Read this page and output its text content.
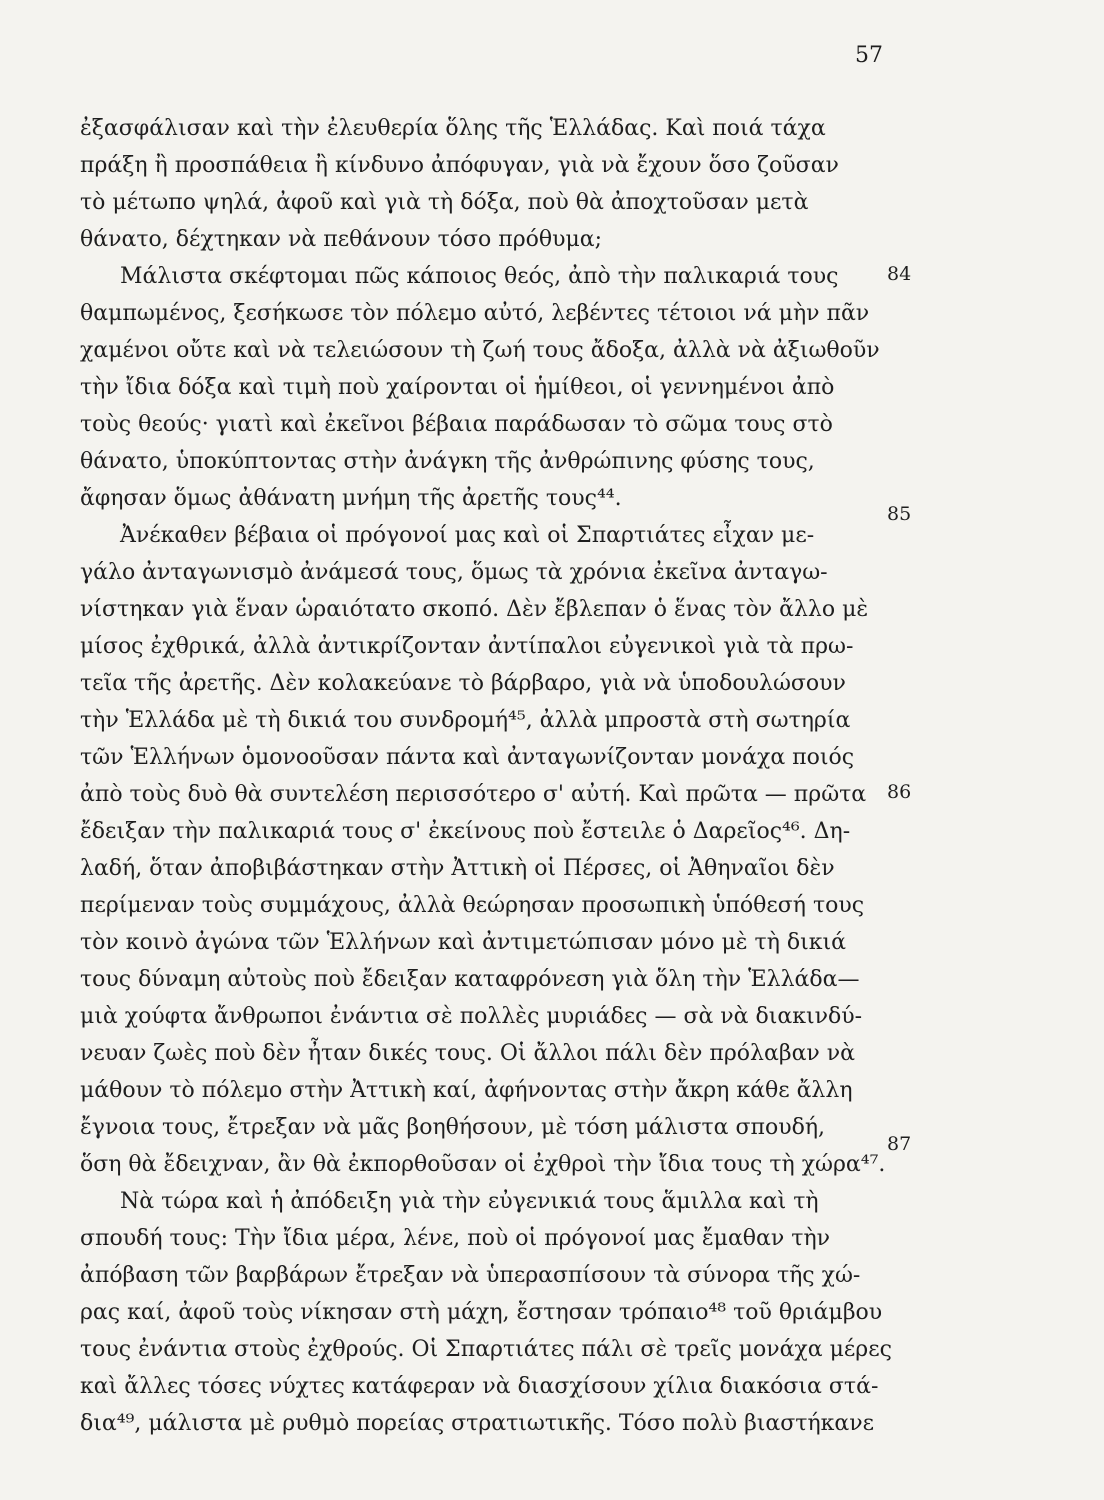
57
ἐξασφάλισαν καὶ τὴν ἐλευθερία ὅλης τῆς Ἑλλάδας. Καὶ ποιά τάχα
πράξη ἢ προσπάθεια ἢ κίνδυνο ἀπόφυγαν, γιὰ νὰ ἔχουν ὅσο ζοῦσαν
τὸ μέτωπο ψηλά, ἀφοῦ καὶ γιὰ τὴ δόξα, ποὺ θὰ ἀποχτοῦσαν μετὰ
θάνατο, δέχτηκαν νὰ πεθάνουν τόσο πρόθυμα;
Μάλιστα σκέφτομαι πῶς κάποιος θεός, ἀπὸ τὴν παλικαριά τους
θαμπωμένος, ξεσήκωσε τὸν πόλεμο αὐτό, λεβέντες τέτοιοι νά μὴν πᾶν
χαμένοι οὔτε καὶ νὰ τελειώσουν τὴ ζωή τους ἄδοξα, ἀλλὰ νὰ ἀξιωθοῦν
τὴν ἴδια δόξα καὶ τιμὴ ποὺ χαίρονται οἱ ἡμίθεοι, οἱ γεννημένοι ἀπὸ
τοὺς θεούς· γιατὶ καὶ ἐκεῖνοι βέβαια παράδωσαν τὸ σῶμα τους στὸ
θάνατο, ὑποκύπτοντας στὴν ἀνάγκη τῆς ἀνθρώπινης φύσης τους,
ἄφησαν ὅμως ἀθάνατη μνήμη τῆς ἀρετῆς τους⁴⁴.
Ἀνέκαθεν βέβαια οἱ πρόγονοί μας καὶ οἱ Σπαρτιάτες εἶχαν με-
γάλο ἀνταγωνισμὸ ἀνάμεσά τους, ὅμως τὰ χρόνια ἐκεῖνα ἀνταγω-
νίστηκαν γιὰ ἕναν ὡραιότατο σκοπό. Δὲν ἔβλεπαν ὁ ἕνας τὸν ἄλλο μὲ
μίσος ἐχθρικά, ἀλλὰ ἀντικρίζονταν ἀντίπαλοι εὐγενικοὶ γιὰ τὰ πρω-
τεῖα τῆς ἀρετῆς. Δὲν κολακεύανε τὸ βάρβαρο, γιὰ νὰ ὑποδουλώσουν
τὴν Ἑλλάδα μὲ τὴ δικιά του συνδρομή⁴⁵, ἀλλὰ μπροστὰ στὴ σωτηρία
τῶν Ἑλλήνων ὁμονοοῦσαν πάντα καὶ ἀνταγωνίζονταν μονάχα ποιός
ἀπὸ τοὺς δυὸ θὰ συντελέση περισσότερο σ' αὐτή. Καὶ πρῶτα — πρῶτα
ἔδειξαν τὴν παλικαριά τους σ' ἐκείνους ποὺ ἔστειλε ὁ Δαρεῖος⁴⁶. Δη-
λαδή, ὅταν ἀποβιβάστηκαν στὴν Ἀττικὴ οἱ Πέρσες, οἱ Ἀθηναῖοι δὲν
περίμεναν τοὺς συμμάχους, ἀλλὰ θεώρησαν προσωπικὴ ὑπόθεσή τους
τὸν κοινὸ ἀγώνα τῶν Ἑλλήνων καὶ ἀντιμετώπισαν μόνο μὲ τὴ δικιά
τους δύναμη αὐτοὺς ποὺ ἔδειξαν καταφρόνεση γιὰ ὅλη τὴν Ἑλλάδα—
μιὰ χούφτα ἄνθρωποι ἐνάντια σὲ πολλὲς μυριάδες — σὰ νὰ διακινδύ-
νευαν ζωὲς ποὺ δὲν ἦταν δικές τους. Οἱ ἄλλοι πάλι δὲν πρόλαβαν νὰ
μάθουν τὸ πόλεμο στὴν Ἀττικὴ καί, ἀφήνοντας στὴν ἄκρη κάθε ἄλλη
ἔγνοια τους, ἔτρεξαν νὰ μᾶς βοηθήσουν, μὲ τόση μάλιστα σπουδή,
ὅση θὰ ἔδειχναν, ἂν θὰ ἐκπορθοῦσαν οἱ ἐχθροὶ τὴν ἴδια τους τὴ χώρα⁴⁷.
Νὰ τώρα καὶ ἡ ἀπόδειξη γιὰ τὴν εὐγενικιά τους ἅμιλλα καὶ τὴ
σπουδή τους: Τὴν ἴδια μέρα, λένε, ποὺ οἱ πρόγονοί μας ἔμαθαν τὴν
ἀπόβαση τῶν βαρβάρων ἔτρεξαν νὰ ὑπερασπίσουν τὰ σύνορα τῆς χώ-
ρας καί, ἀφοῦ τοὺς νίκησαν στὴ μάχη, ἔστησαν τρόπαιο⁴⁸ τοῦ θριάμβου
τους ἐνάντια στοὺς ἐχθρούς. Οἱ Σπαρτιάτες πάλι σὲ τρεῖς μονάχα μέρες
καὶ ἄλλες τόσες νύχτες κατάφεραν νὰ διασχίσουν χίλια διακόσια στά-
δια⁴⁹, μάλιστα μὲ ρυθμὸ πορείας στρατιωτικῆς. Τόσο πολὺ βιαστήκανε
84
85
86
87
